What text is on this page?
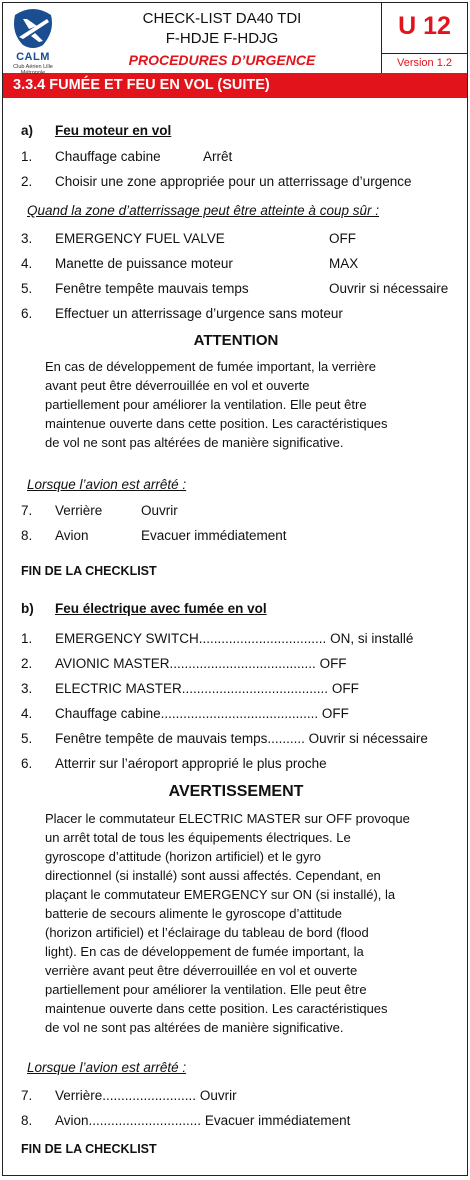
CALM
Club Aérien Lille Métropole
CHECK-LIST DA40 TDI
F-HDJE F-HDJG
PROCEDURES D’URGENCE
U 12
Version 1.2
3.3.4 FUMÉE ET FEU EN VOL (SUITE)
a) Feu moteur en vol
1. Chauffage cabine	Arrêt
2. Choisir une zone appropriée pour un atterrissage d’urgence
Quand la zone d’atterrissage peut être atteinte à coup sûr :
3. EMERGENCY FUEL VALVE	OFF
4. Manette de puissance moteur	MAX
5. Fenêtre tempête mauvais temps	Ouvrir si nécessaire
6. Effectuer un atterrissage d’urgence sans moteur
ATTENTION
En cas de développement de fumée important, la verrière
avant peut être déverrouillée en vol et ouverte
partiellement pour améliorer la ventilation. Elle peut être
maintenue ouverte dans cette position. Les caractéristiques
de vol ne sont pas altérées de manière significative.
Lorsque l’avion est arrêté :
7. Verrière	Ouvrir
8. Avion	Evacuer immédiatement
FIN DE LA CHECKLIST
b) Feu électrique avec fumée en vol
1. EMERGENCY SWITCH.................................. ON, si installé
2. AVIONIC MASTER....................................... OFF
3. ELECTRIC MASTER....................................... OFF
4. Chauffage cabine.......................................... OFF
5. Fenêtre tempête de mauvais temps.......... Ouvrir si nécessaire
6. Atterrir sur l’aéroport approprié le plus proche
AVERTISSEMENT
Placer le commutateur ELECTRIC MASTER sur OFF provoque
un arrêt total de tous les équipements électriques. Le
gyroscope d’attitude (horizon artificiel) et le gyro
directionnel (si installé) sont aussi affectés. Cependant, en
plaçant le commutateur EMERGENCY sur ON (si installé), la
batterie de secours alimente le gyroscope d’attitude
(horizon artificiel) et l’éclairage du tableau de bord (flood
light). En cas de développement de fumée important, la
verrière avant peut être déverrouillée en vol et ouverte
partiellement pour améliorer la ventilation. Elle peut être
maintenue ouverte dans cette position. Les caractéristiques
de vol ne sont pas altérées de manière significative.
Lorsque l’avion est arrêté :
7. Verrière......................... Ouvrir
8. Avion.............................. Evacuer immédiatement
FIN DE LA CHECKLIST
